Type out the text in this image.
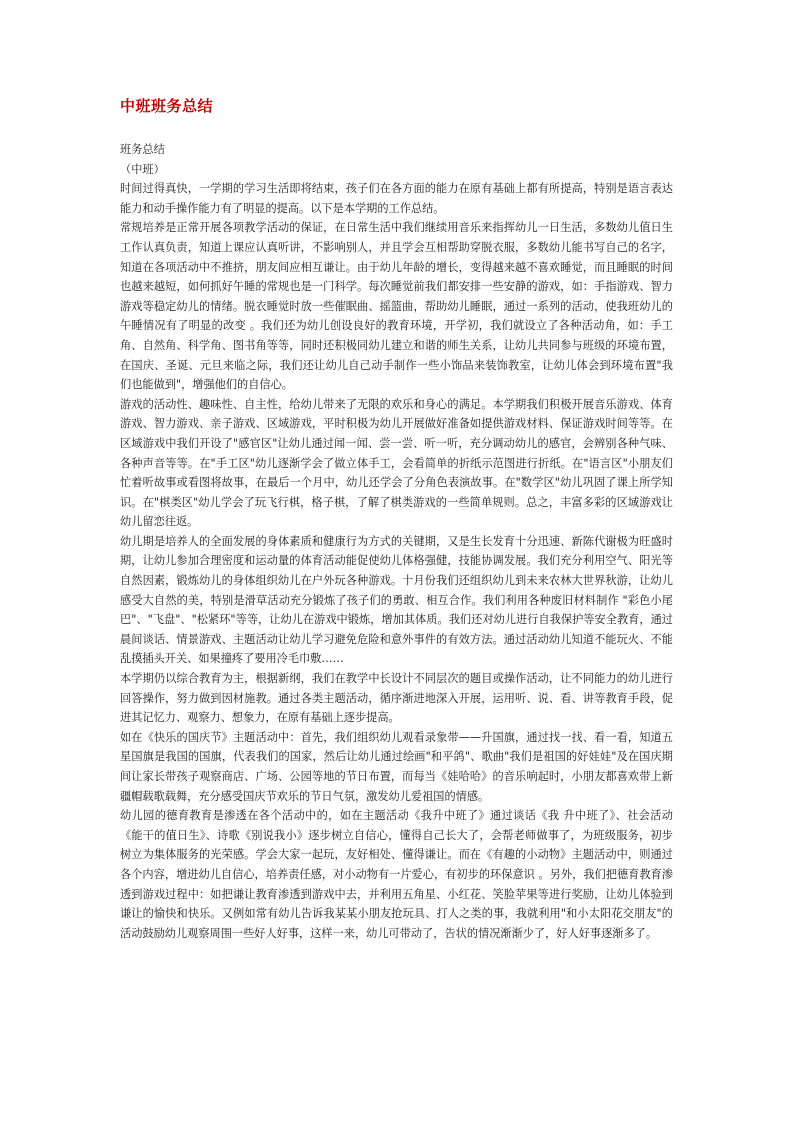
中班班务总结

班务总结

（中班）

时间过得真快，一学期的学习生活即将结束，孩子们在各方面的能力在原有基础上都有所提高，特别是语言表达能力和动手操作能力有了明显的提高。以下是本学期的工作总结。

常规培养是正常开展各项教学活动的保证，在日常生活中我们继续用音乐来指挥幼儿一日生活，多数幼儿值日生工作认真负责，知道上课应认真听讲，不影响别人，并且学会互相帮助穿脱衣服，多数幼儿能书写自己的名字，知道在各项活动中不推挤，朋友间应相互谦让。由于幼儿年龄的增长，变得越来越不喜欢睡觉，而且睡眠的时间也越来越短，如何抓好午睡的常规也是一门科学。每次睡觉前我们都安排一些安静的游戏，如：手指游戏、智力游戏等稳定幼儿的情绪。脱衣睡觉时放一些催眠曲、摇篮曲，帮助幼儿睡眠，通过一系列的活动，使我班幼儿的午睡情况有了明显的改变 。我们还为幼儿创设良好的教育环境，开学初，我们就设立了各种活动角，如：手工角、自然角、科学角、图书角等等，同时还积极同幼儿建立和谐的师生关系，让幼儿共同参与班级的环境布置，在国庆、圣诞、元旦来临之际，我们还让幼儿自己动手制作一些小饰品来装饰教室，让幼儿体会到环境布置"我们也能做到"，增强他们的自信心。

游戏的活动性、趣味性、自主性，给幼儿带来了无限的欢乐和身心的满足。本学期我们积极开展音乐游戏、体育游戏、智力游戏、亲子游戏、区域游戏，平时积极为幼儿开展做好准备如提供游戏材料、保证游戏时间等等。在区域游戏中我们开设了"感官区"让幼儿通过闻一闻、尝一尝、听一听，充分调动幼儿的感官，会辨别各种气味、各种声音等等。在"手工区"幼儿逐渐学会了做立体手工，会看简单的折纸示范图进行折纸。在"语言区"小朋友们忙着听故事或看图将故事，在最后一个月中，幼儿还学会了分角色表演故事。在"数学区"幼儿巩固了课上所学知识。在"棋类区"幼儿学会了玩飞行棋，格子棋，了解了棋类游戏的一些简单规则。总之，丰富多彩的区域游戏让幼儿留恋往返。

幼儿期是培养人的全面发展的身体素质和健康行为方式的关键期，又是生长发育十分迅速、新陈代谢极为旺盛时期，让幼儿参加合理密度和运动量的体育活动能促使幼儿体格强健，技能协调发展。我们充分利用空气、阳光等自然因素，锻炼幼儿的身体组织幼儿在户外玩各种游戏。十月份我们还组织幼儿到未来农林大世界秋游，让幼儿感受大自然的美，特别是滑草活动充分锻炼了孩子们的勇敢、相互合作。我们利用各种废旧材料制作 "彩色小尾巴"、"飞盘"、"松紧环"等等，让幼儿在游戏中锻炼，增加其体质。我们还对幼儿进行自我保护等安全教育，通过晨间谈话、情景游戏、主题活动让幼儿学习避免危险和意外事件的有效方法。通过活动幼儿知道不能玩火、不能乱摸插头开关、如果撞疼了要用冷毛巾敷……

本学期仍以综合教育为主，根据新纲，我们在教学中长设计不同层次的题目或操作活动，让不同能力的幼儿进行回答操作，努力做到因材施教。通过各类主题活动，循序渐进地深入开展，运用听、说、看、讲等教育手段，促进其记忆力、观察力、想象力，在原有基础上逐步提高。

如在《快乐的国庆节》主题活动中：首先，我们组织幼儿观看录象带——升国旗，通过找一找、看一看，知道五星国旗是我国的国旗，代表我们的国家，然后让幼儿通过绘画"和平鸽"、歌曲"我们是祖国的好娃娃"及在国庆期间让家长带孩子观察商店、广场、公园等地的节日布置，而每当《娃哈哈》的音乐响起时，小朋友都喜欢带上新疆帽载歌载舞，充分感受国庆节欢乐的节日气氛，激发幼儿爱祖国的情感。

幼儿园的德育教育是渗透在各个活动中的，如在主题活动《我升中班了》通过谈话《我 升中班了》、社会活动《能干的值日生》、诗歌《别说我小》逐步树立自信心，懂得自己长大了，会帮老师做事了，为班级服务，初步树立为集体服务的光荣感。学会大家一起玩，友好相处、懂得谦让。而在《有趣的小动物》主题活动中，则通过各个内容，增进幼儿自信心，培养责任感，对小动物有一片爱心，有初步的环保意识 。另外，我们把德育教育渗透到游戏过程中：如把谦让教育渗透到游戏中去，并利用五角星、小红花、笑脸苹果等进行奖励，让幼儿体验到谦让的愉快和快乐。又例如常有幼儿告诉我某某小朋友抢玩具、打人之类的事，我就利用"和小太阳花交朋友"的活动鼓励幼儿观察周围一些好人好事，这样一来，幼儿可带动了，告状的情况渐渐少了，好人好事逐渐多了。
